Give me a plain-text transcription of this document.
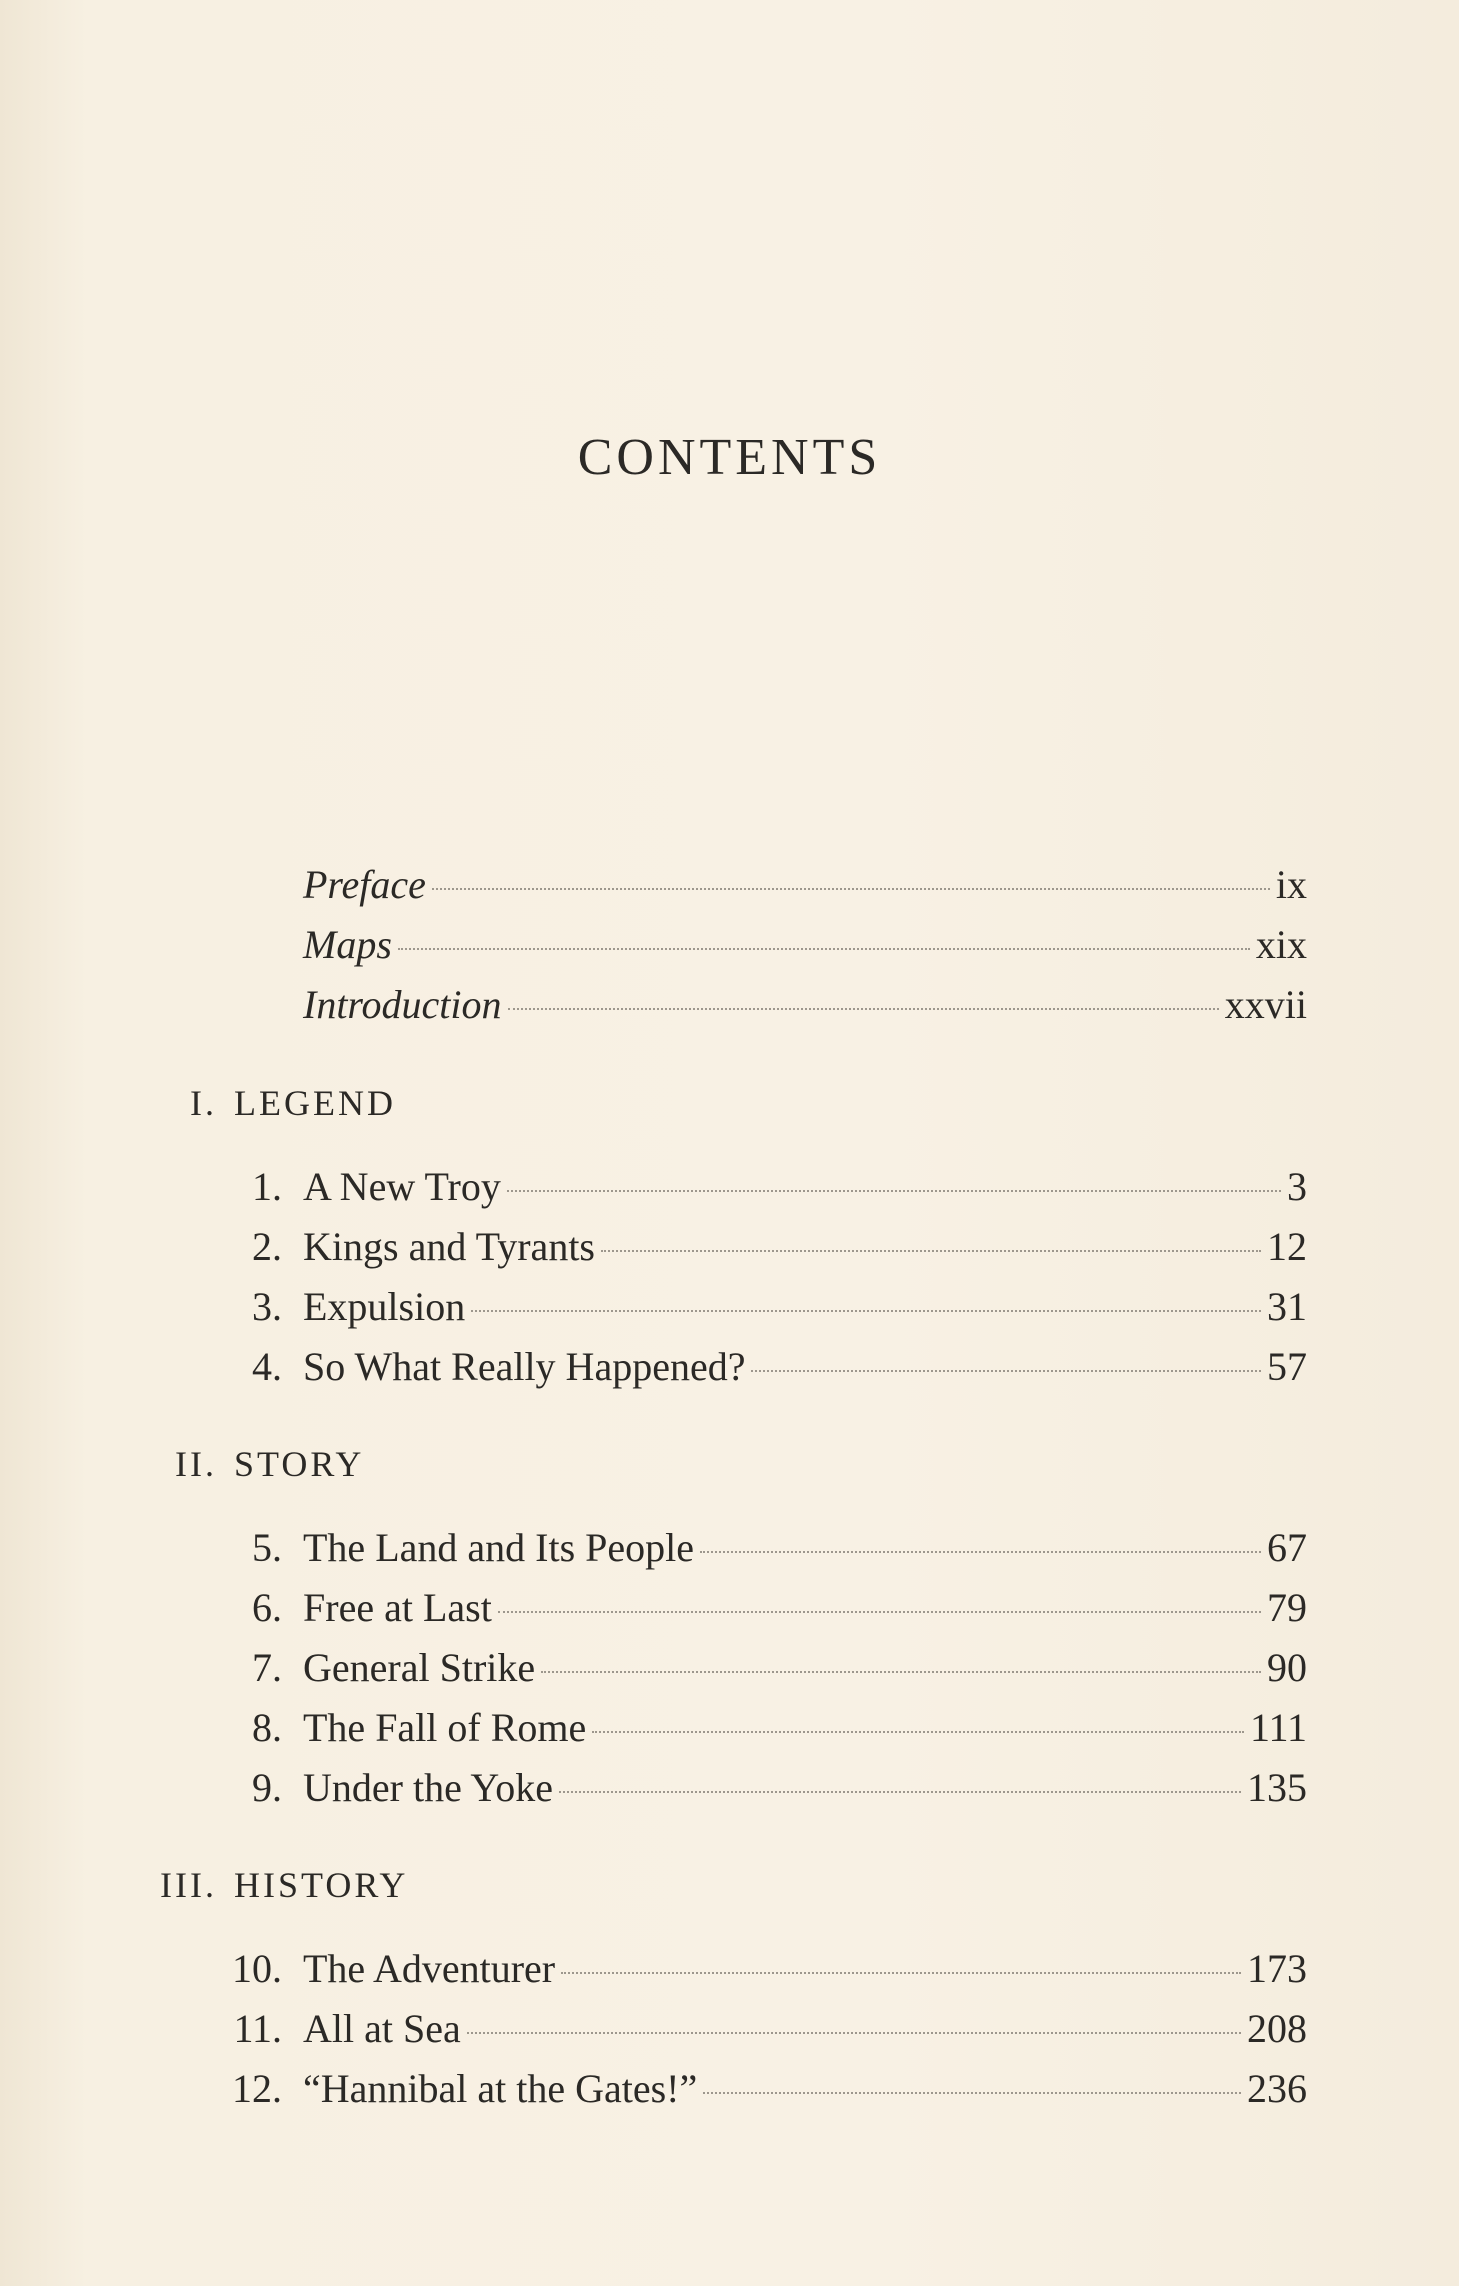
CONTENTS
Preface	ix
Maps	xix
Introduction	xxvii
I. LEGEND
1. A New Troy	3
2. Kings and Tyrants	12
3. Expulsion	31
4. So What Really Happened?	57
II. STORY
5. The Land and Its People	67
6. Free at Last	79
7. General Strike	90
8. The Fall of Rome	111
9. Under the Yoke	135
III. HISTORY
10. The Adventurer	173
11. All at Sea	208
12. “Hannibal at the Gates!”	236
